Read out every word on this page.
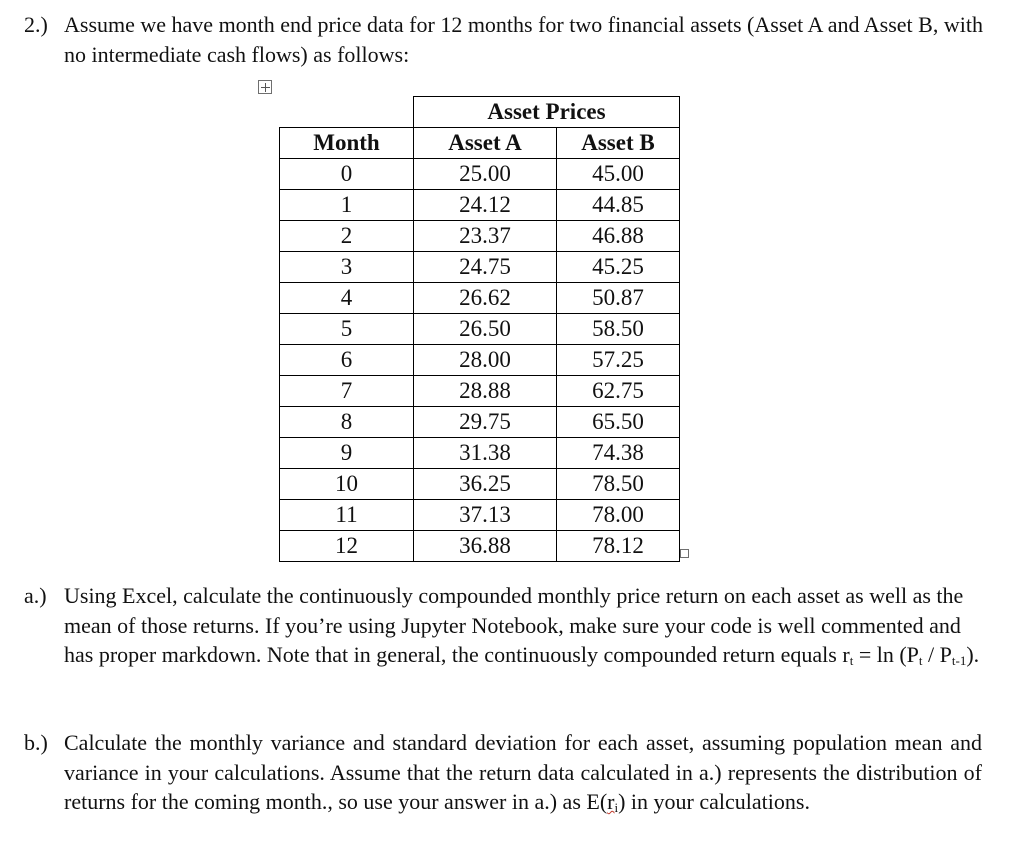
2.) Assume we have month end price data for 12 months for two financial assets (Asset A and Asset B, with no intermediate cash flows) as follows:
	Asset Prices	
Month	Asset A	Asset B
0	25.00	45.00
1	24.12	44.85
2	23.37	46.88
3	24.75	45.25
4	26.62	50.87
5	26.50	58.50
6	28.00	57.25
7	28.88	62.75
8	29.75	65.50
9	31.38	74.38
10	36.25	78.50
11	37.13	78.00
12	36.88	78.12
a.) Using Excel, calculate the continuously compounded monthly price return on each asset as well as the mean of those returns. If you’re using Jupyter Notebook, make sure your code is well commented and has proper markdown. Note that in general, the continuously compounded return equals $r_t = \ln (P_t / P_{t-1})$.
b.) Calculate the monthly variance and standard deviation for each asset, assuming population mean and variance in your calculations. Assume that the return data calculated in a.) represents the distribution of returns for the coming month., so use your answer in a.) as $E(r_i)$ in your calculations.
